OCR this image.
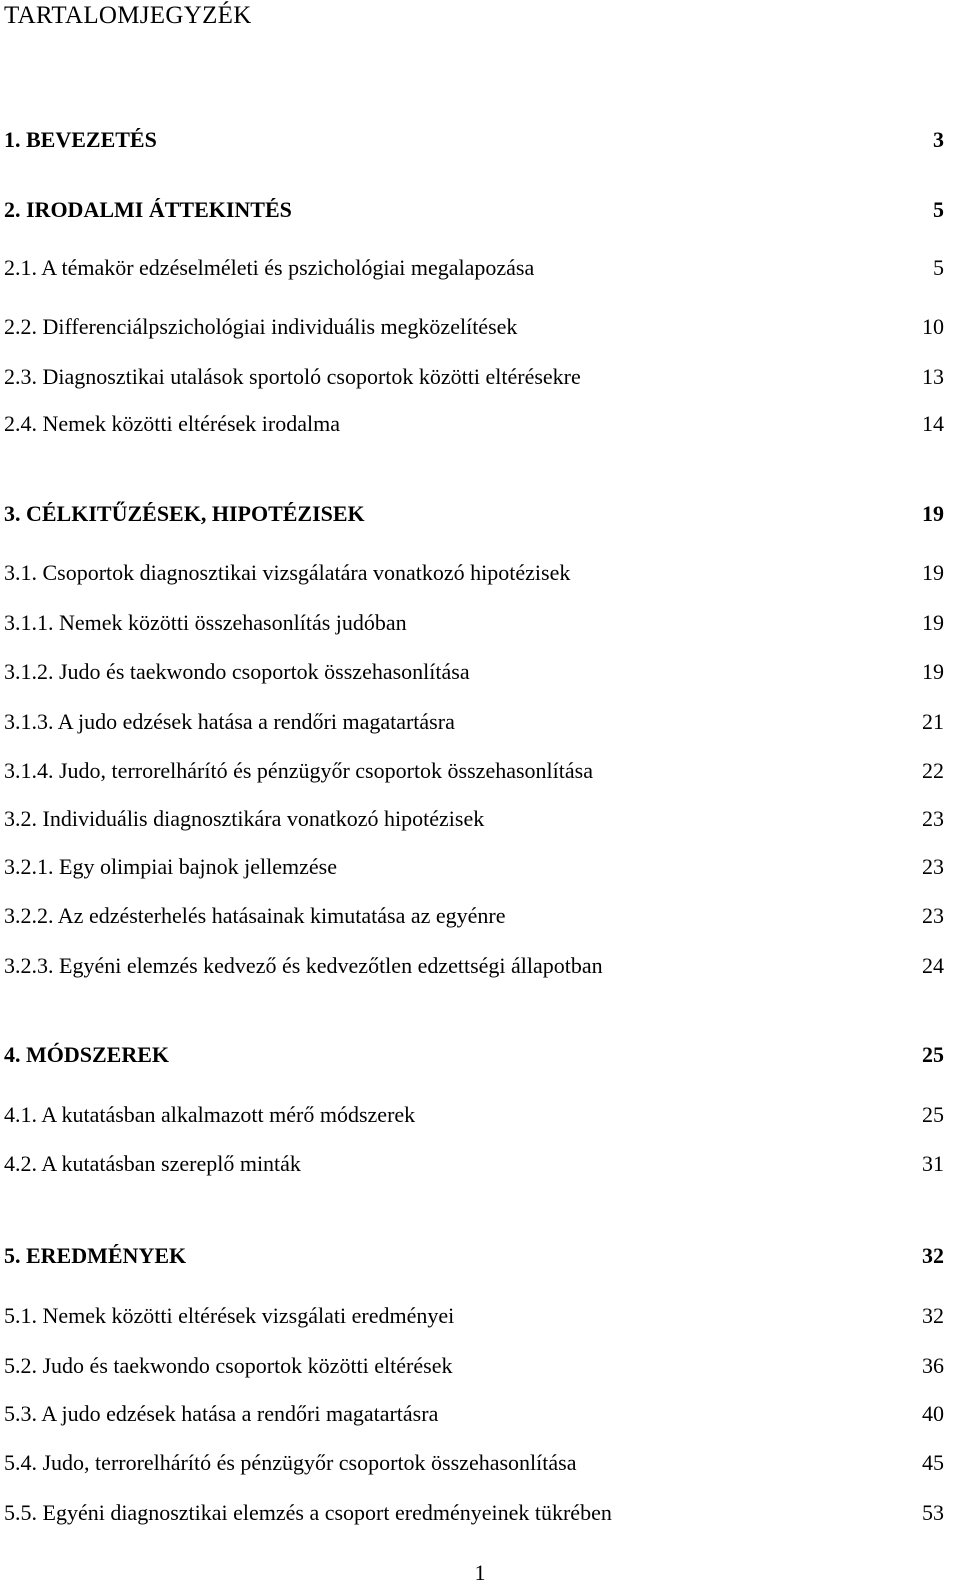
TARTALOMJEGYZÉK
1. BEVEZETÉS	3
2. IRODALMI ÁTTEKINTÉS	5
2.1. A témakör edzéselméleti és pszichológiai megalapozása	5
2.2. Differenciálpszichológiai individuális megközelítések	10
2.3. Diagnosztikai utalások sportoló csoportok közötti eltérésekre	13
2.4. Nemek közötti eltérések irodalma	14
3. CÉLKITŰZÉSEK, HIPOTÉZISEK	19
3.1. Csoportok diagnosztikai vizsgálatára vonatkozó hipotézisek	19
3.1.1. Nemek közötti összehasonlítás judóban	19
3.1.2. Judo és taekwondo csoportok összehasonlítása	19
3.1.3. A judo edzések hatása a rendőri magatartásra	21
3.1.4. Judo, terrorelhárító és pénzügyőr csoportok összehasonlítása	22
3.2. Individuális diagnosztikára vonatkozó hipotézisek	23
3.2.1. Egy olimpiai bajnok jellemzése	23
3.2.2. Az edzésterhelés hatásainak kimutatása az egyénre	23
3.2.3. Egyéni elemzés kedvező és kedvezőtlen edzettségi állapotban	24
4. MÓDSZEREK	25
4.1. A kutatásban alkalmazott mérő módszerek	25
4.2. A kutatásban szereplő minták	31
5. EREDMÉNYEK	32
5.1. Nemek közötti eltérések vizsgálati eredményei	32
5.2. Judo és taekwondo csoportok közötti eltérések	36
5.3. A judo edzések hatása a rendőri magatartásra	40
5.4. Judo, terrorelhárító és pénzügyőr csoportok összehasonlítása	45
5.5. Egyéni diagnosztikai elemzés a csoport eredményeinek tükrében	53
1
